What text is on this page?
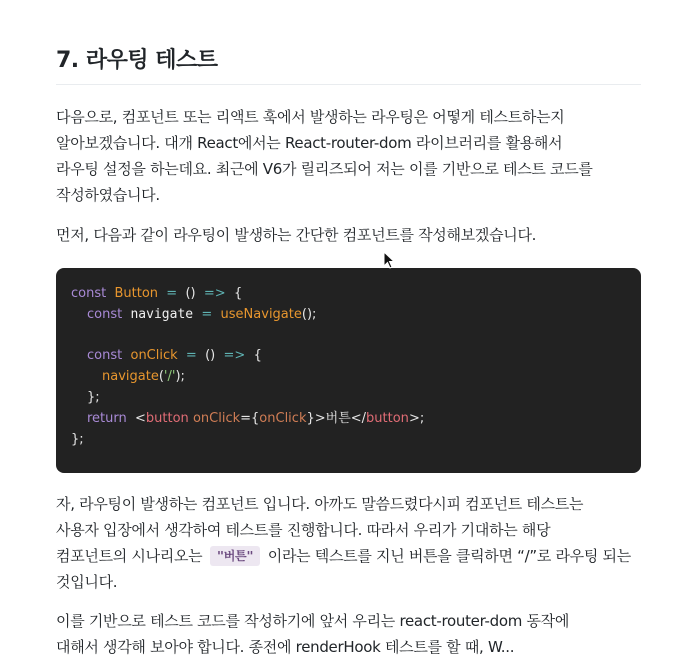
7. 라우팅 테스트
다음으로, 컴포넌트 또는 리액트 훅에서 발생하는 라우팅은 어떻게 테스트하는지
알아보겠습니다. 대개 React에서는 React-router-dom 라이브러리를 활용해서
라우팅 설정을 하는데요. 최근에 V6가 릴리즈되어 저는 이를 기반으로 테스트 코드를
작성하였습니다.
먼저, 다음과 같이 라우팅이 발생하는 간단한 컴포넌트를 작성해보겠습니다.
const Button = () => {
const navigate = useNavigate();

const onClick = () => {
navigate('/');
};
return <button onClick={onClick}>버튼</button>;
};
자, 라우팅이 발생하는 컴포넌트 입니다. 아까도 말씀드렸다시피 컴포넌트 테스트는
사용자 입장에서 생각하여 테스트를 진행합니다. 따라서 우리가 기대하는 해당
컴포넌트의 시나리오는 "버튼" 이라는 텍스트를 지닌 버튼을 클릭하면 “/”로 라우팅 되는
것입니다.
이를 기반으로 테스트 코드를 작성하기에 앞서 우리는 react-router-dom 동작에
대해서 생각해 보아야 합니다. 종전에 renderHook 테스트를 할 때, W...
